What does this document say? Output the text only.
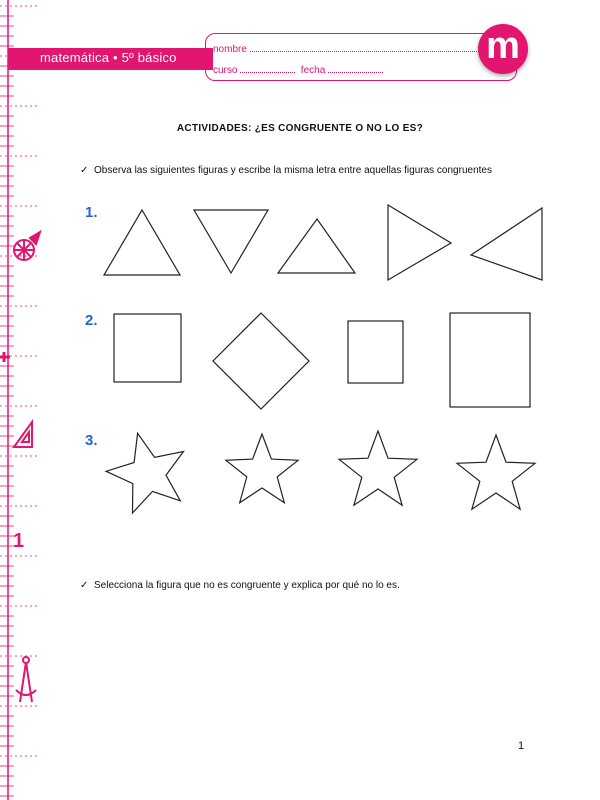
1
matemática • 5º básico
nombre
curso	fecha
m
ACTIVIDADES: ¿ES CONGRUENTE O NO LO ES?
✓ Observa las siguientes figuras y escribe la misma letra entre aquellas figuras congruentes
1.
2.
3.
✓ Selecciona la figura que no es congruente y explica por qué no lo es.
1
